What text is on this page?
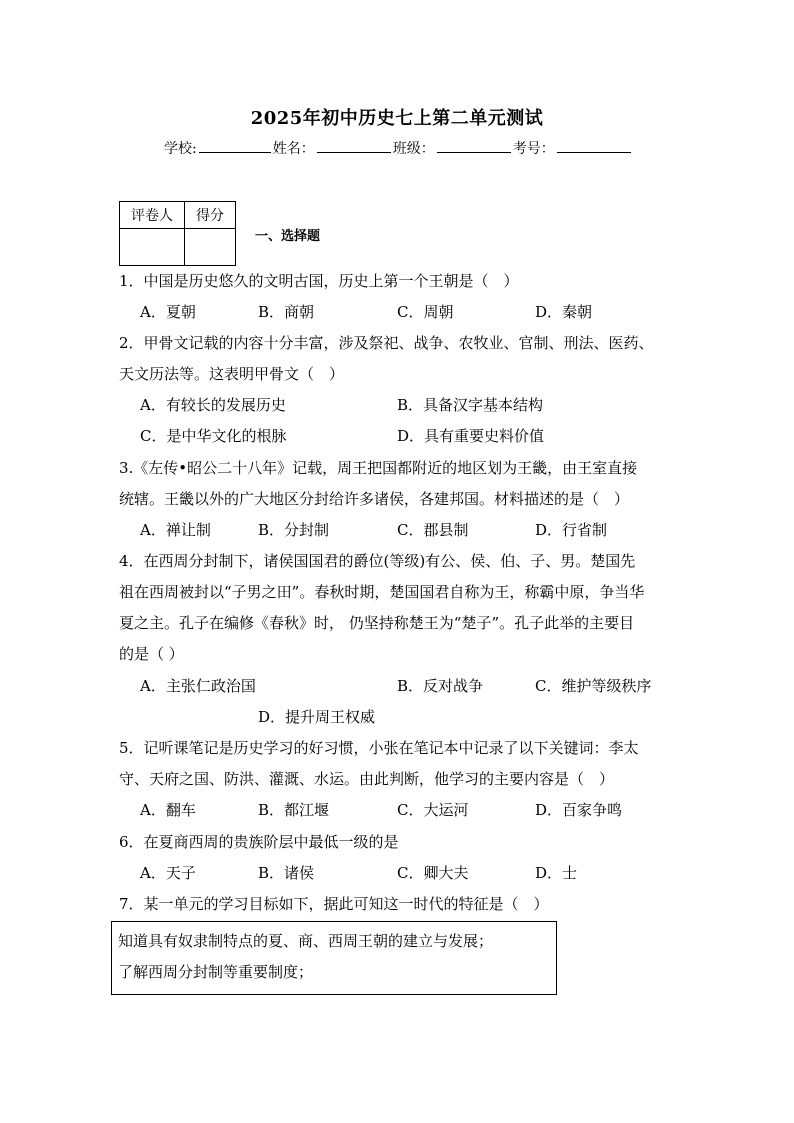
2025年初中历史七上第二单元测试
学校:	姓名：	班级：	考号：
评卷人	得分

一、选择题
1．中国是历史悠久的文明古国，历史上第一个王朝是（　）
A．夏朝	B．商朝	C．周朝	D．秦朝
2．甲骨文记载的内容十分丰富，涉及祭祀、战争、农牧业、官制、刑法、医药、
天文历法等。这表明甲骨文（　）
A．有较长的发展历史	B．具备汉字基本结构
C．是中华文化的根脉	D．具有重要史料价值
3.《左传•昭公二十八年》记载，周王把国都附近的地区划为王畿，由王室直接
统辖。王畿以外的广大地区分封给许多诸侯，各建邦国。材料描述的是（　）
A．禅让制	B．分封制	C．郡县制	D．行省制
4．在西周分封制下，诸侯国国君的爵位(等级)有公、侯、伯、子、男。楚国先
祖在西周被封以“子男之田”。春秋时期，楚国国君自称为王，称霸中原，争当华
夏之主。孔子在编修《春秋》时， 仍坚持称楚王为“楚子”。孔子此举的主要目
的是（ ）
A．主张仁政治国	B．反对战争	C．维护等级秩序
D．提升周王权威
5．记听课笔记是历史学习的好习惯，小张在笔记本中记录了以下关键词：李太
守、天府之国、防洪、灌溉、水运。由此判断，他学习的主要内容是（　）
A．翻车	B．都江堰	C．大运河	D．百家争鸣
6．在夏商西周的贵族阶层中最低一级的是
A．天子	B．诸侯	C．卿大夫	D．士
7．某一单元的学习目标如下，据此可知这一时代的特征是（　）
知道具有奴隶制特点的夏、商、西周王朝的建立与发展；
了解西周分封制等重要制度；
